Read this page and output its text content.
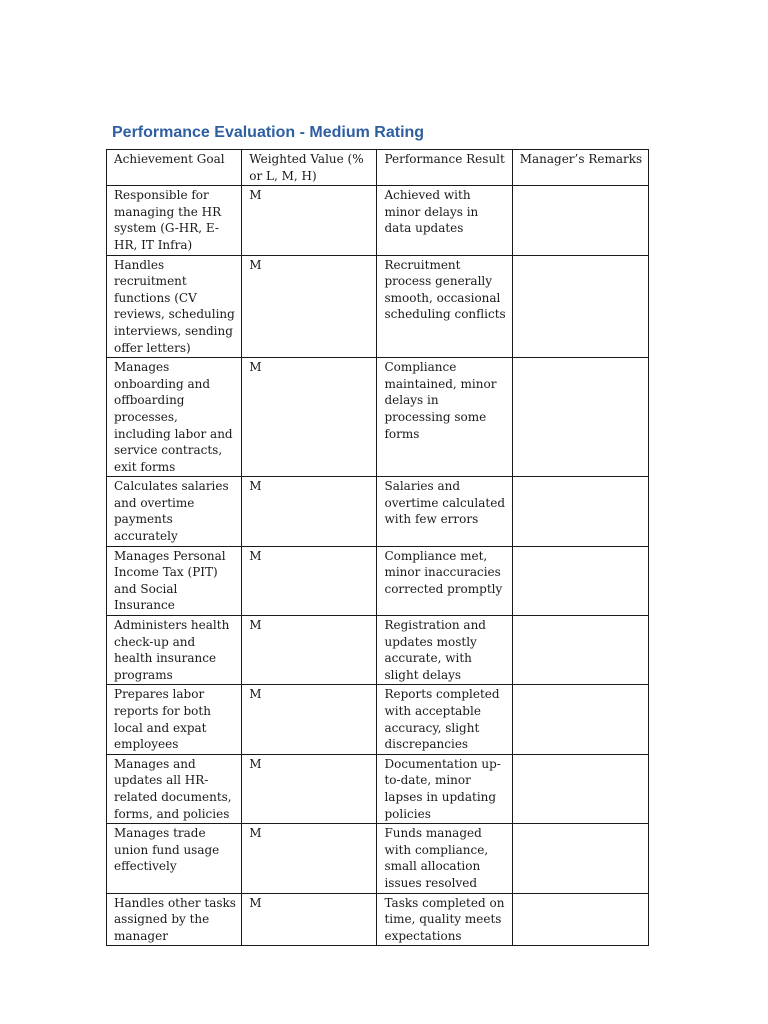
Performance Evaluation - Medium Rating
Achievement Goal	Weighted Value (% or L, M, H)	Performance Result	Manager’s Remarks
Responsible for managing the HR system (G-HR, E-HR, IT Infra)	M	Achieved with minor delays in data updates	
Handles recruitment functions (CV reviews, scheduling interviews, sending offer letters)	M	Recruitment process generally smooth, occasional scheduling conflicts	
Manages onboarding and offboarding processes, including labor and service contracts, exit forms	M	Compliance maintained, minor delays in processing some forms	
Calculates salaries and overtime payments accurately	M	Salaries and overtime calculated with few errors	
Manages Personal Income Tax (PIT) and Social Insurance	M	Compliance met, minor inaccuracies corrected promptly	
Administers health check-up and health insurance programs	M	Registration and updates mostly accurate, with slight delays	
Prepares labor reports for both local and expat employees	M	Reports completed with acceptable accuracy, slight discrepancies	
Manages and updates all HR-related documents, forms, and policies	M	Documentation up-to-date, minor lapses in updating policies	
Manages trade union fund usage effectively	M	Funds managed with compliance, small allocation issues resolved	
Handles other tasks assigned by the manager	M	Tasks completed on time, quality meets expectations	
